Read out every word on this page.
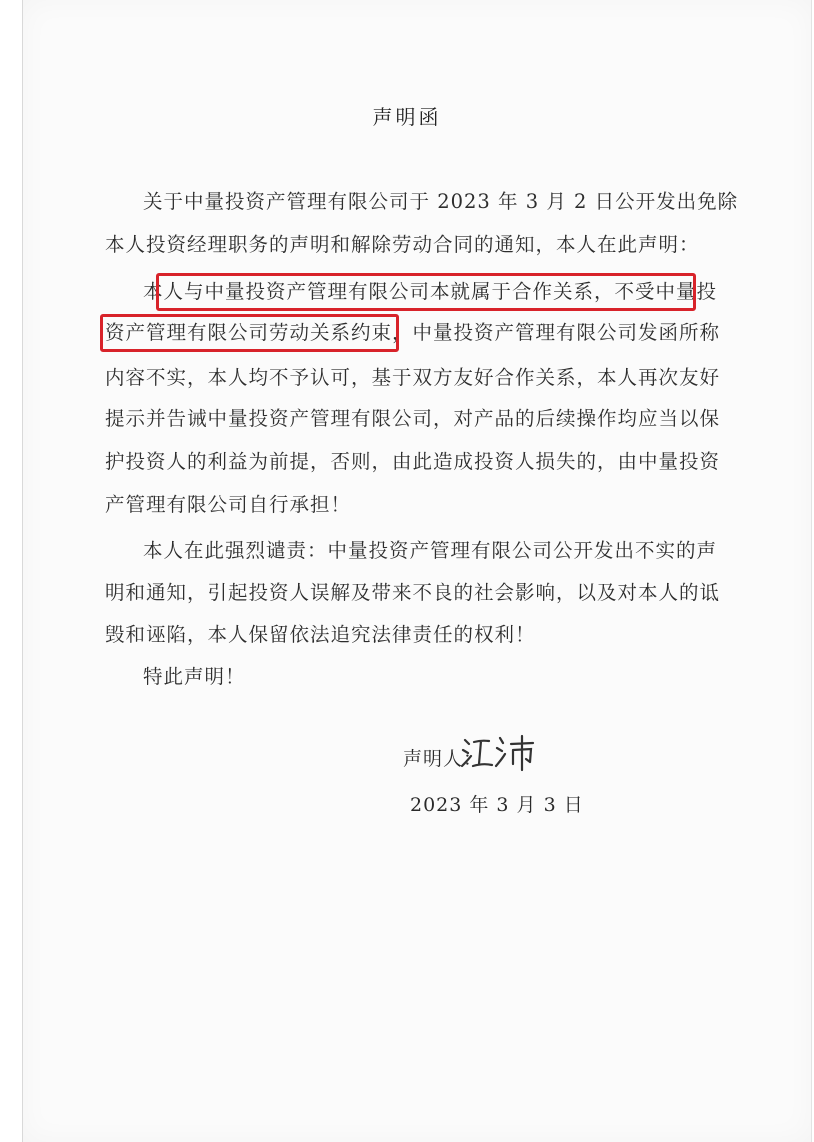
声明函
关于中量投资产管理有限公司于 2023 年 3 月 2 日公开发出免除
本人投资经理职务的声明和解除劳动合同的通知，本人在此声明：
本人与中量投资产管理有限公司本就属于合作关系，不受中量投
资产管理有限公司劳动关系约束，中量投资产管理有限公司发函所称
内容不实，本人均不予认可，基于双方友好合作关系，本人再次友好
提示并告诫中量投资产管理有限公司，对产品的后续操作均应当以保
护投资人的利益为前提，否则，由此造成投资人损失的，由中量投资
产管理有限公司自行承担！
本人在此强烈谴责：中量投资产管理有限公司公开发出不实的声
明和通知，引起投资人误解及带来不良的社会影响，以及对本人的诋
毁和诬陷，本人保留依法追究法律责任的权利！
特此声明！
声明人：
2023 年 3 月 3 日
